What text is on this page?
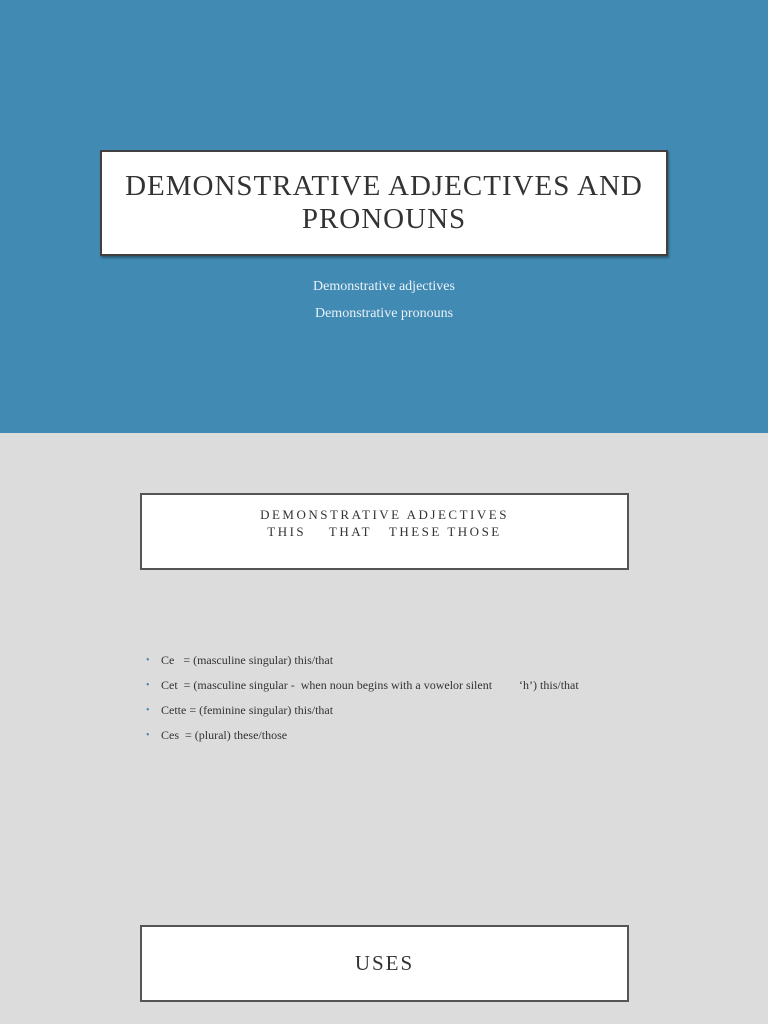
DEMONSTRATIVE ADJECTIVES AND PRONOUNS
Demonstrative adjectives
Demonstrative pronouns
DEMONSTRATIVE ADJECTIVES
THIS    THAT   THESE THOSE
• Ce   = (masculine singular) this/that
• Cet  = (masculine singular -  when noun begins with a vowelor silent         ‘h’) this/that
• Cette = (feminine singular) this/that
• Ces  = (plural) these/those
USES
